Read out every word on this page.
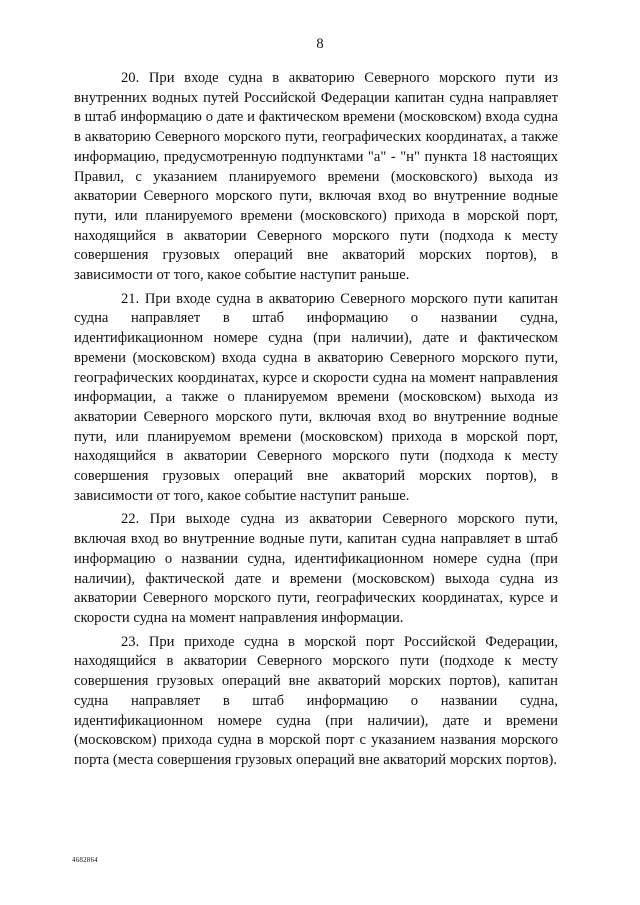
8

20. При входе судна в акваторию Северного морского пути из внутренних водных путей Российской Федерации капитан судна направляет в штаб информацию о дате и фактическом времени (московском) входа судна в акваторию Северного морского пути, географических координатах, а также информацию, предусмотренную подпунктами "а" - "н" пункта 18 настоящих Правил, с указанием планируемого времени (московского) выхода из акватории Северного морского пути, включая вход во внутренние водные пути, или планируемого времени (московского) прихода в морской порт, находящийся в акватории Северного морского пути (подхода к месту совершения грузовых операций вне акваторий морских портов), в зависимости от того, какое событие наступит раньше.

21. При входе судна в акваторию Северного морского пути капитан судна направляет в штаб информацию о названии судна, идентификационном номере судна (при наличии), дате и фактическом времени (московском) входа судна в акваторию Северного морского пути, географических координатах, курсе и скорости судна на момент направления информации, а также о планируемом времени (московском) выхода из акватории Северного морского пути, включая вход во внутренние водные пути, или планируемом времени (московском) прихода в морской порт, находящийся в акватории Северного морского пути (подхода к месту совершения грузовых операций вне акваторий морских портов), в зависимости от того, какое событие наступит раньше.

22. При выходе судна из акватории Северного морского пути, включая вход во внутренние водные пути, капитан судна направляет в штаб информацию о названии судна, идентификационном номере судна (при наличии), фактической дате и времени (московском) выхода судна из акватории Северного морского пути, географических координатах, курсе и скорости судна на момент направления информации.

23. При приходе судна в морской порт Российской Федерации, находящийся в акватории Северного морского пути (подходе к месту совершения грузовых операций вне акваторий морских портов), капитан судна направляет в штаб информацию о названии судна, идентификационном номере судна (при наличии), дате и времени (московском) прихода судна в морской порт с указанием названия морского порта (места совершения грузовых операций вне акваторий морских портов).

4682864
